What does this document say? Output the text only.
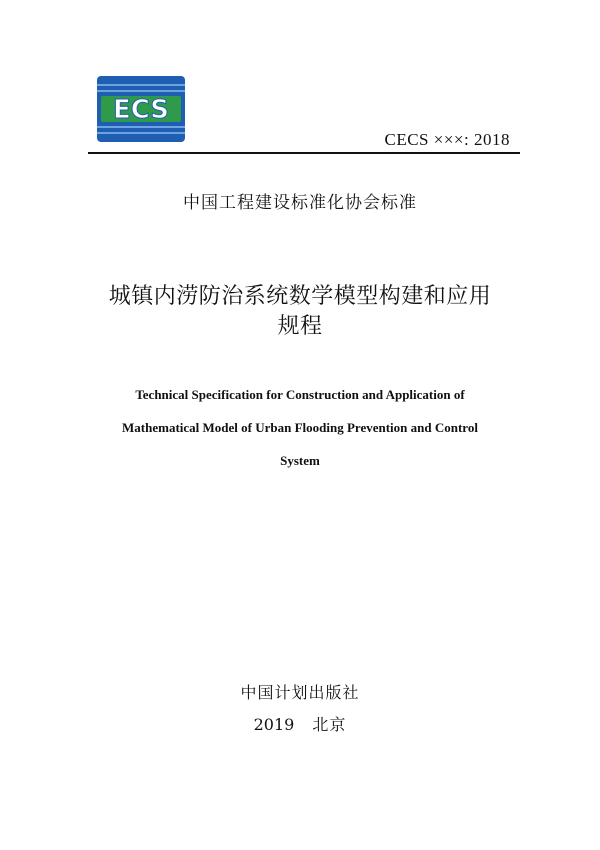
ECS
CECS ×××: 2018
中国工程建设标准化协会标准
城镇内涝防治系统数学模型构建和应用
规程
Technical Specification for Construction and Application of
Mathematical Model of Urban Flooding Prevention and Control
System
中国计划出版社
2019 北京
